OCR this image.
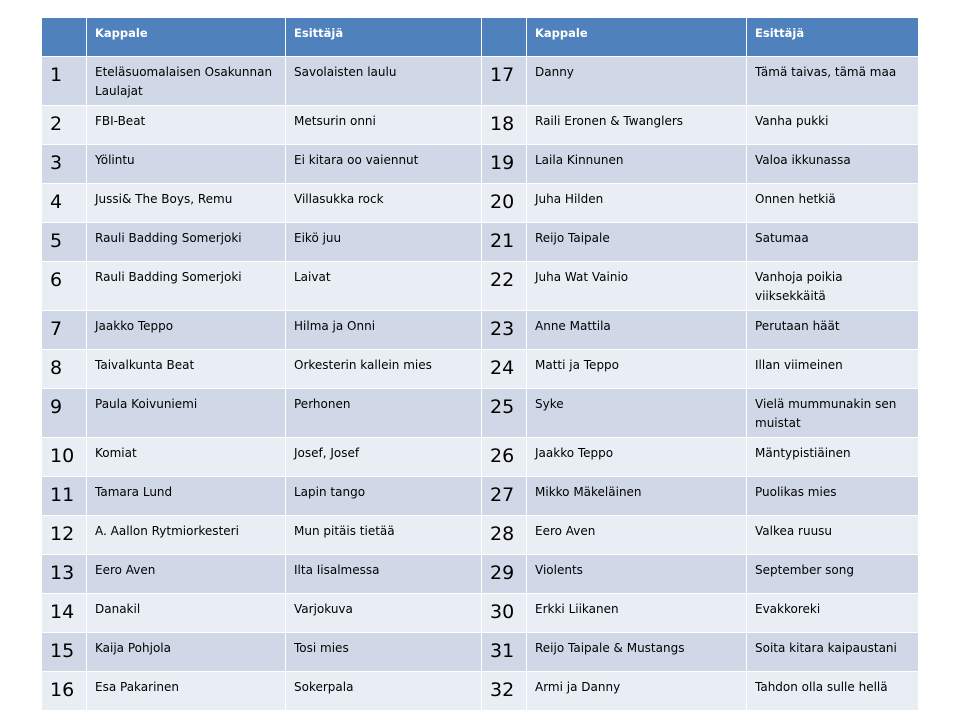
	Kappale	Esittäjä		Kappale	Esittäjä
1	Eteläsuomalaisen Osakunnan Laulajat	Savolaisten laulu	17	Danny	Tämä taivas, tämä maa
2	FBI-Beat	Metsurin onni	18	Raili Eronen & Twanglers	Vanha pukki
3	Yölintu	Ei kitara oo vaiennut	19	Laila Kinnunen	Valoa ikkunassa
4	Jussi& The Boys, Remu	Villasukka rock	20	Juha Hilden	Onnen hetkiä
5	Rauli Badding Somerjoki	Eikö juu	21	Reijo Taipale	Satumaa
6	Rauli Badding Somerjoki	Laivat	22	Juha Wat Vainio	Vanhoja poikia viiksekkäitä
7	Jaakko Teppo	Hilma ja Onni	23	Anne Mattila	Perutaan häät
8	Taivalkunta Beat	Orkesterin kallein mies	24	Matti ja Teppo	Illan viimeinen
9	Paula Koivuniemi	Perhonen	25	Syke	Vielä mummunakin sen muistat
10	Komiat	Josef, Josef	26	Jaakko Teppo	Mäntypistiäinen
11	Tamara Lund	Lapin tango	27	Mikko Mäkeläinen	Puolikas mies
12	A. Aallon Rytmiorkesteri	Mun pitäis tietää	28	Eero Aven	Valkea ruusu
13	Eero Aven	Ilta Iisalmessa	29	Violents	September song
14	Danakil	Varjokuva	30	Erkki Liikanen	Evakkoreki
15	Kaija Pohjola	Tosi mies	31	Reijo Taipale & Mustangs	Soita kitara kaipaustani
16	Esa Pakarinen	Sokerpala	32	Armi ja Danny	Tahdon olla sulle hellä
